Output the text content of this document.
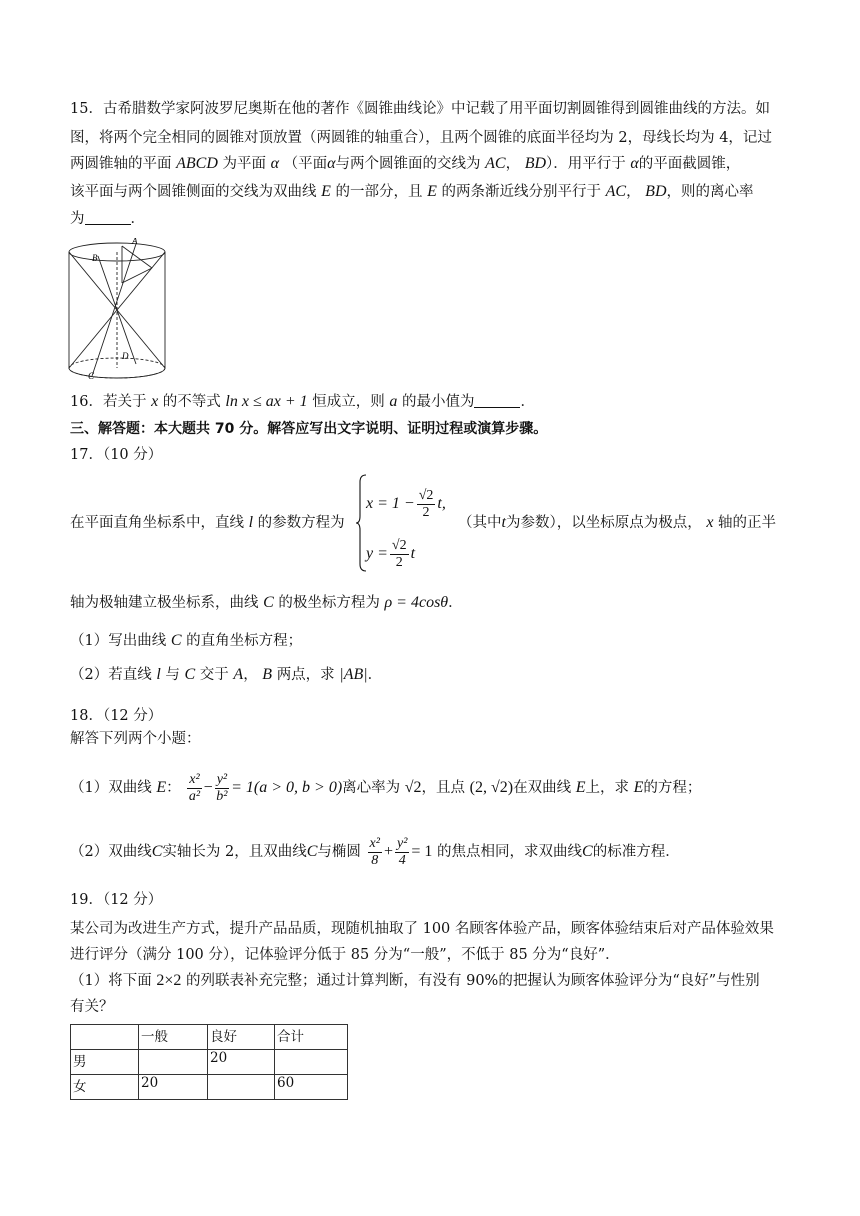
15．古希腊数学家阿波罗尼奥斯在他的著作《圆锥曲线论》中记载了用平面切割圆锥得到圆锥曲线的方法。如
图，将两个完全相同的圆锥对顶放置（两圆锥的轴重合），且两个圆锥的底面半径均为 2，母线长均为 4，记过
两圆锥轴的平面 ABCD 为平面 α （平面α与两个圆锥面的交线为 AC， BD）．用平行于 α的平面截圆锥，
该平面与两个圆锥侧面的交线为双曲线 E 的一部分，且 E 的两条渐近线分别平行于 AC， BD，则的离心率
为	．
A
B
C
D
16．若关于 x 的不等式 ln x ≤ ax + 1 恒成立，则 a 的最小值为	．
三、解答题：本大题共 70 分。解答应写出文字说明、证明过程或演算步骤。
17．（10 分）
在平面直角坐标系中，直线 l 的参数方程为
$x = 1 - \frac{√2}{2} t$,
$y = \frac{√2}{2}$ t
（其中t为参数），以坐标原点为极点， x 轴的正半
轴为极轴建立极坐标系，曲线 C 的极坐标方程为 ρ = 4cosθ．
（1）写出曲线 C 的直角坐标方程；
（2）若直线 l 与 C 交于 A， B 两点，求 |AB|．
18．（12 分）
解答下列两个小题：
（1）双曲线 E： $\frac{\text{x²}}{\text{a²}} - \frac{\text{y²}}{\text{b²}} = 1(a > 0$, b > 0)离心率为 √2，且点 (2, √2)在双曲线 E上，求 E的方程；
（2）双曲线C实轴长为 2，且双曲线C与椭圆 $\frac{\text{x²}}{8} + \frac{\text{y²}}{4} = 1$ 的焦点相同，求双曲线C的标准方程．
19．（12 分）
某公司为改进生产方式，提升产品品质，现随机抽取了 100 名顾客体验产品，顾客体验结束后对产品体验效果
进行评分（满分 100 分），记体验评分低于 85 分为“一般”，不低于 85 分为“良好”．
（1）将下面 2×2 的列联表补充完整；通过计算判断，有没有 90%的把握认为顾客体验评分为“良好”与性别
有关？
	一般	良好	合计
男		20	
女	20		60
